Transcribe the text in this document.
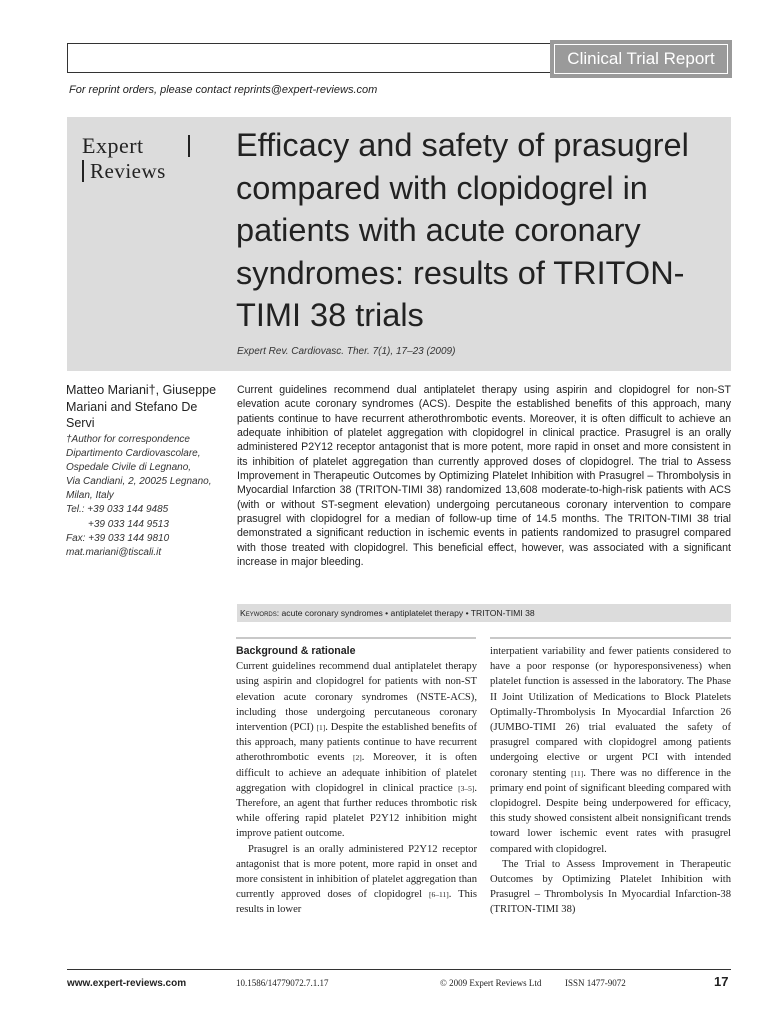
Clinical Trial Report
For reprint orders, please contact reprints@expert-reviews.com
Expert
Reviews
Efficacy and safety of prasugrel compared with clopidogrel in patients with acute coronary syndromes: results of TRITON-TIMI 38 trials
Expert Rev. Cardiovasc. Ther. 7(1), 17–23 (2009)
Matteo Mariani†, Giuseppe Mariani and Stefano De Servi
†Author for correspondence
Dipartimento Cardiovascolare,
Ospedale Civile di Legnano,
Via Candiani, 2, 20025 Legnano,
Milan, Italy
Tel.: +39 033 144 9485
+39 033 144 9513
Fax: +39 033 144 9810
mat.mariani@tiscali.it
Current guidelines recommend dual antiplatelet therapy using aspirin and clopidogrel for non-ST elevation acute coronary syndromes (ACS). Despite the established benefits of this approach, many patients continue to have recurrent atherothrombotic events. Moreover, it is often difficult to achieve an adequate inhibition of platelet aggregation with clopidogrel in clinical practice. Prasugrel is an orally administered P2Y12 receptor antagonist that is more potent, more rapid in onset and more consistent in its inhibition of platelet aggregation than currently approved doses of clopidogrel. The trial to Assess Improvement in Therapeutic Outcomes by Optimizing Platelet Inhibition with Prasugrel – Thrombolysis in Myocardial Infarction 38 (TRITON-TIMI 38) randomized 13,608 moderate-to-high-risk patients with ACS (with or without ST-segment elevation) undergoing percutaneous coronary intervention to compare prasugrel with clopidogrel for a median of follow-up time of 14.5 months. The TRITON-TIMI 38 trial demonstrated a significant reduction in ischemic events in patients randomized to prasugrel compared with those treated with clopidogrel. This beneficial effect, however, was associated with a significant increase in major bleeding.
Keywords: acute coronary syndromes • antiplatelet therapy • TRITON-TIMI 38
Background & rationale

Current guidelines recommend dual antiplatelet therapy using aspirin and clopidogrel for patients with non-ST elevation acute coronary syndromes (NSTE-ACS), including those undergoing percutaneous coronary intervention (PCI) [1]. Despite the established benefits of this approach, many patients continue to have recurrent atherothrombotic events [2]. Moreover, it is often difficult to achieve an adequate inhibition of platelet aggregation with clopidogrel in clinical practice [3–5]. Therefore, an agent that further reduces thrombotic risk while offering rapid platelet P2Y12 inhibition might improve patient outcome.

Prasugrel is an orally administered P2Y12 receptor antagonist that is more potent, more rapid in onset and more consistent in inhibition of platelet aggregation than currently approved doses of clopidogrel [6–11]. This results in lower

interpatient variability and fewer patients considered to have a poor response (or hyporesponsiveness) when platelet function is assessed in the laboratory. The Phase II Joint Utilization of Medications to Block Platelets Optimally-Thrombolysis In Myocardial Infarction 26 (JUMBO-TIMI 26) trial evaluated the safety of prasugrel compared with clopidogrel among patients undergoing elective or urgent PCI with intended coronary stenting [11]. There was no difference in the primary end point of significant bleeding compared with clopidogrel. Despite being underpowered for efficacy, this study showed consistent albeit nonsignificant trends toward lower ischemic event rates with prasugrel compared with clopidogrel.

The Trial to Assess Improvement in Therapeutic Outcomes by Optimizing Platelet Inhibition with Prasugrel – Thrombolysis In Myocardial Infarction-38 (TRITON-TIMI 38)

www.expert-reviews.com	10.1586/14779072.7.1.17	© 2009 Expert Reviews Ltd	ISSN 1477-9072	17
